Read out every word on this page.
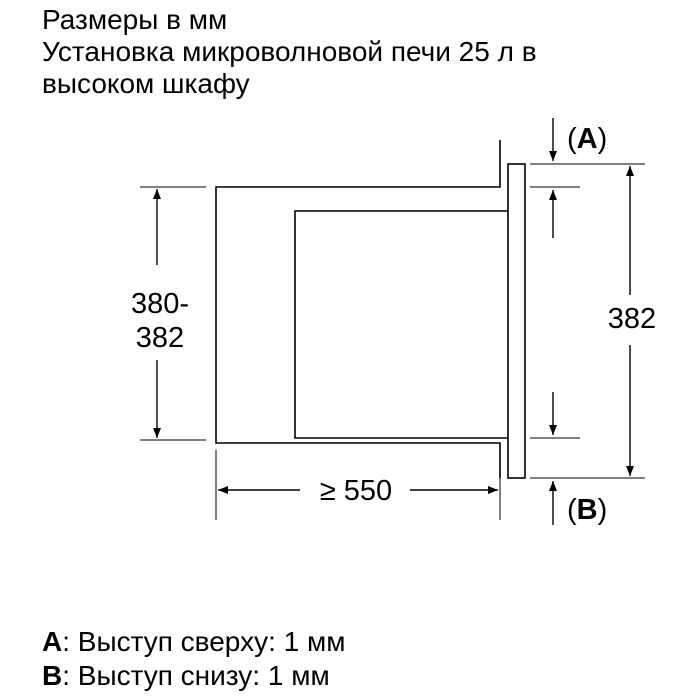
Размеры в мм
Установка микроволновой печи 25 л в
высоком шкафу
380-
382
≥ 550
382
(A)
(B)
A: Выступ сверху: 1 мм
B: Выступ снизу: 1 мм
